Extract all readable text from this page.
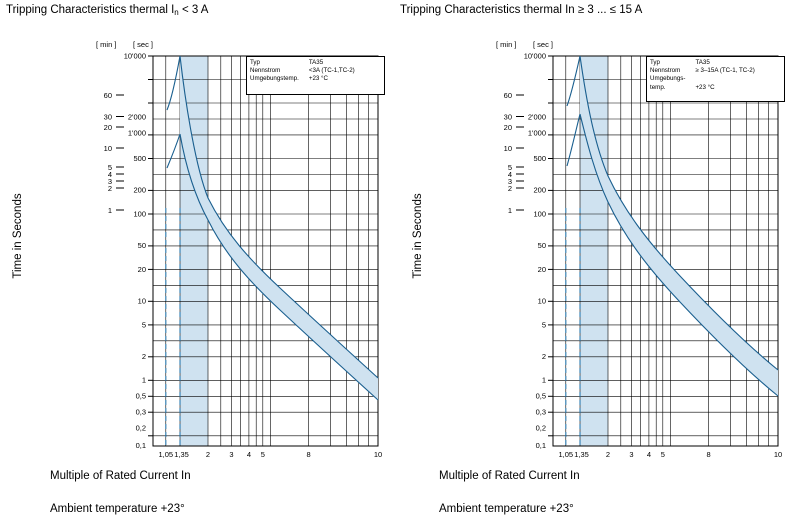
Tripping Characteristics thermal $I_n < 3$ A
Time in Seconds
[ min ] [ sec ]
10'000
2'000
1'000
500
200
100
50
20
10
5
2
1
0,5
0,3
0,2
0,1
60
30
20
10
5
4
3
2
1
1,05 1,35 2	3 4 5	8	10
Typ	TA35
Nennstrom	<3A (TC-1,TC-2)
Umgebungstemp.	+23 °C
Multiple of Rated Current In
Ambient temperature +23°
Tripping Characteristics thermal In ≥ 3 ... ≤ 15 A
Time in Seconds
[ min ] [ sec ]
10'000
2'000
1'000
500
200
100
50
20
10
5
2
1
0,5
0,3
0,2
0,1
60
30
20
10
5
4
3
2
1
1,05 1,35 2	3 4 5	8	10
Typ	TA35
Nennstrom	≥ 3–15A (TC-1, TC-2)
Umgebungs-	
temp.	+23 °C
Multiple of Rated Current In
Ambient temperature +23°
